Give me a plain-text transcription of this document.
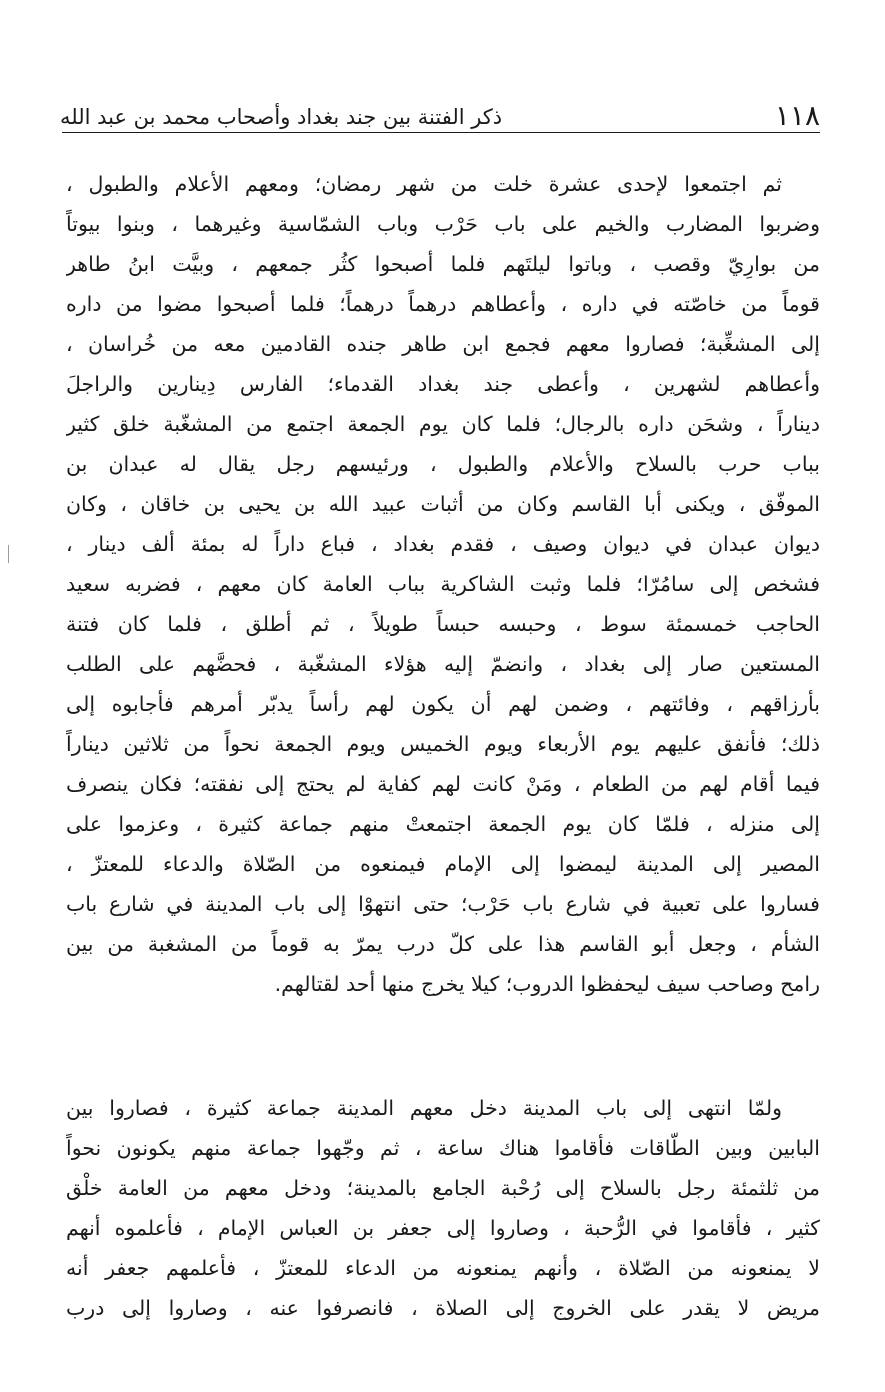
١١٨
ذكر الفتنة بين جند بغداد وأصحاب محمد بن عبد الله
ثم اجتمعوا لإحدى عشرة خلت من شهر رمضان؛ ومعهم الأعلام والطبول ،
وضربوا المضارب والخيم على باب حَرْب وباب الشمّاسية وغيرهما ، وبنوا بيوتاً
من بوارِيّ وقصب ، وباتوا ليلتَهم فلما أصبحوا كثُر جمعهم ، وبيَّت ابنُ طاهر
قوماً من خاصّته في داره ، وأعطاهم درهماً درهماً؛ فلما أصبحوا مضوا من داره
إلى المشغِّبة؛ فصاروا معهم فجمع ابن طاهر جنده القادمين معه من خُراسان ،
وأعطاهم لشهرين ، وأعطى جند بغداد القدماء؛ الفارس دِينارين والراجلَ
ديناراً ، وشحَن داره بالرجال؛ فلما كان يوم الجمعة اجتمع من المشغّبة خلق كثير
بباب حرب بالسلاح والأعلام والطبول ، ورئيسهم رجل يقال له عبدان بن
الموفّق ، ويكنى أبا القاسم وكان من أثبات عبيد الله بن يحيى بن خاقان ، وكان
ديوان عبدان في ديوان وصيف ، فقدم بغداد ، فباع داراً له بمئة ألف دينار ،
فشخص إلى سامُرّا؛ فلما وثبت الشاكرية بباب العامة كان معهم ، فضربه سعيد
الحاجب خمسمئة سوط ، وحبسه حبساً طويلاً ، ثم أطلق ، فلما كان فتنة
المستعين صار إلى بغداد ، وانضمّ إليه هؤلاء المشغّبة ، فحضَّهم على الطلب
بأرزاقهم ، وفائتهم ، وضمن لهم أن يكون لهم رأساً يدبّر أمرهم فأجابوه إلى
ذلك؛ فأنفق عليهم يوم الأربعاء ويوم الخميس ويوم الجمعة نحواً من ثلاثين ديناراً
فيما أقام لهم من الطعام ، ومَنْ كانت لهم كفاية لم يحتج إلى نفقته؛ فكان ينصرف
إلى منزله ، فلمّا كان يوم الجمعة اجتمعتْ منهم جماعة كثيرة ، وعزموا على
المصير إلى المدينة ليمضوا إلى الإمام فيمنعوه من الصّلاة والدعاء للمعتزّ ،
فساروا على تعبية في شارع باب حَرْب؛ حتى انتهوْا إلى باب المدينة في شارع باب
الشأم ، وجعل أبو القاسم هذا على كلّ درب يمرّ به قوماً من المشغبة من بين
رامح وصاحب سيف ليحفظوا الدروب؛ كيلا يخرج منها أحد لقتالهم.
ولمّا انتهى إلى باب المدينة دخل معهم المدينة جماعة كثيرة ، فصاروا بين
البابين وبين الطّاقات فأقاموا هناك ساعة ، ثم وجّهوا جماعة منهم يكونون نحواً
من ثلثمئة رجل بالسلاح إلى رُحْبة الجامع بالمدينة؛ ودخل معهم من العامة خلْق
كثير ، فأقاموا في الرُّحبة ، وصاروا إلى جعفر بن العباس الإمام ، فأعلموه أنهم
لا يمنعونه من الصّلاة ، وأنهم يمنعونه من الدعاء للمعتزّ ، فأعلمهم جعفر أنه
مريض لا يقدر على الخروج إلى الصلاة ، فانصرفوا عنه ، وصاروا إلى درب
